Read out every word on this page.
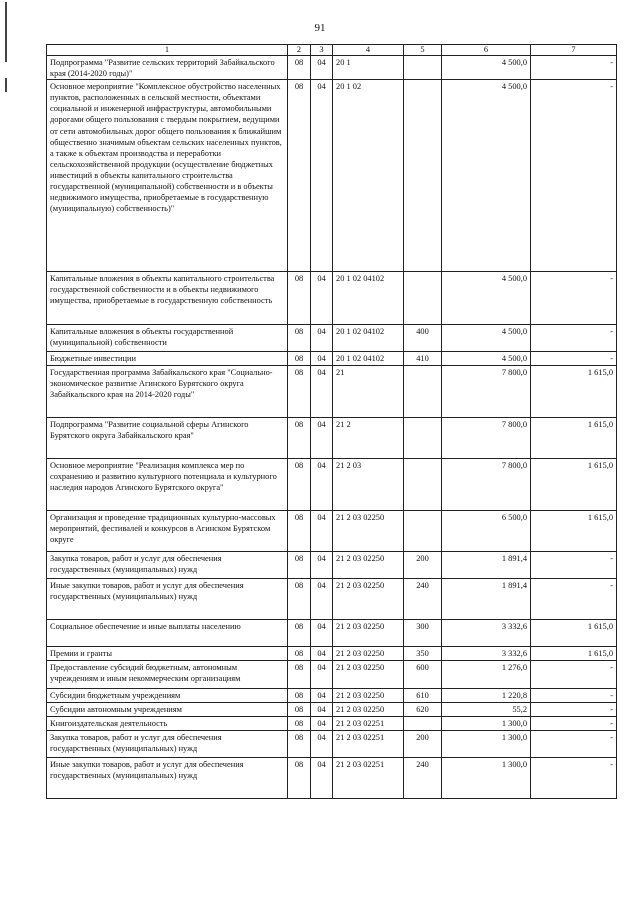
91
1	2	3	4	5	6	7
Подпрограмма "Развитие сельских территорий Забайкальского края (2014-2020 годы)"	08	04	20 1		4 500,0	-
Основное мероприятие "Комплексное обустройство населенных пунктов, расположенных в сельской местности, объектами социальной и инженерной инфраструктуры, автомобильными дорогами общего пользования с твердым покрытием, ведущими от сети автомобильных дорог общего пользования к ближайшим общественно значимым объектам сельских населенных пунктов, а также к объектам производства и переработки сельскохозяйственной продукции (осуществление бюджетных инвестиций в объекты капитального строительства государственной (муниципальной) собственности и в объекты недвижимого имущества, приобретаемые в государственную (муниципальную) собственность)"	08	04	20 1 02		4 500,0	-
Капитальные вложения в объекты капитального строительства государственной собственности и в объекты недвижимого имущества, приобретаемые в государственную собственность	08	04	20 1 02 04102		4 500,0	-
Капитальные вложения в объекты государственной (муниципальной) собственности	08	04	20 1 02 04102	400	4 500,0	-
Бюджетные инвестиции	08	04	20 1 02 04102	410	4 500,0	-
Государственная программа Забайкальского края "Социально-экономическое развитие Агинского Бурятского округа Забайкальского края на 2014-2020 годы"	08	04	21		7 800,0	1 615,0
Подпрограмма "Развитие социальной сферы Агинского Бурятского округа Забайкальского края"	08	04	21 2		7 800,0	1 615,0
Основное мероприятие "Реализация комплекса мер по сохранению и развитию культурного потенциала и культурного наследия народов Агинского Бурятского округа"	08	04	21 2 03		7 800,0	1 615,0
Организация и проведение традиционных культурно-массовых мероприятий, фестивалей и конкурсов в Агинском Бурятском округе	08	04	21 2 03 02250		6 500,0	1 615,0
Закупка товаров, работ и услуг для обеспечения государственных (муниципальных) нужд	08	04	21 2 03 02250	200	1 891,4	-
Иные закупки товаров, работ и услуг для обеспечения государственных (муниципальных) нужд	08	04	21 2 03 02250	240	1 891,4	-
Социальное обеспечение и иные выплаты населению	08	04	21 2 03 02250	300	3 332,6	1 615,0
Премии и гранты	08	04	21 2 03 02250	350	3 332,6	1 615,0
Предоставление субсидий бюджетным, автономным учреждениям и иным некоммерческим организациям	08	04	21 2 03 02250	600	1 276,0	-
Субсидии бюджетным учреждениям	08	04	21 2 03 02250	610	1 220,8	-
Субсидии автономным учреждениям	08	04	21 2 03 02250	620	55,2	-
Книгоиздательская деятельность	08	04	21 2 03 02251		1 300,0	-
Закупка товаров, работ и услуг для обеспечения государственных (муниципальных) нужд	08	04	21 2 03 02251	200	1 300,0	-
Иные закупки товаров, работ и услуг для обеспечения государственных (муниципальных) нужд	08	04	21 2 03 02251	240	1 300,0	-
